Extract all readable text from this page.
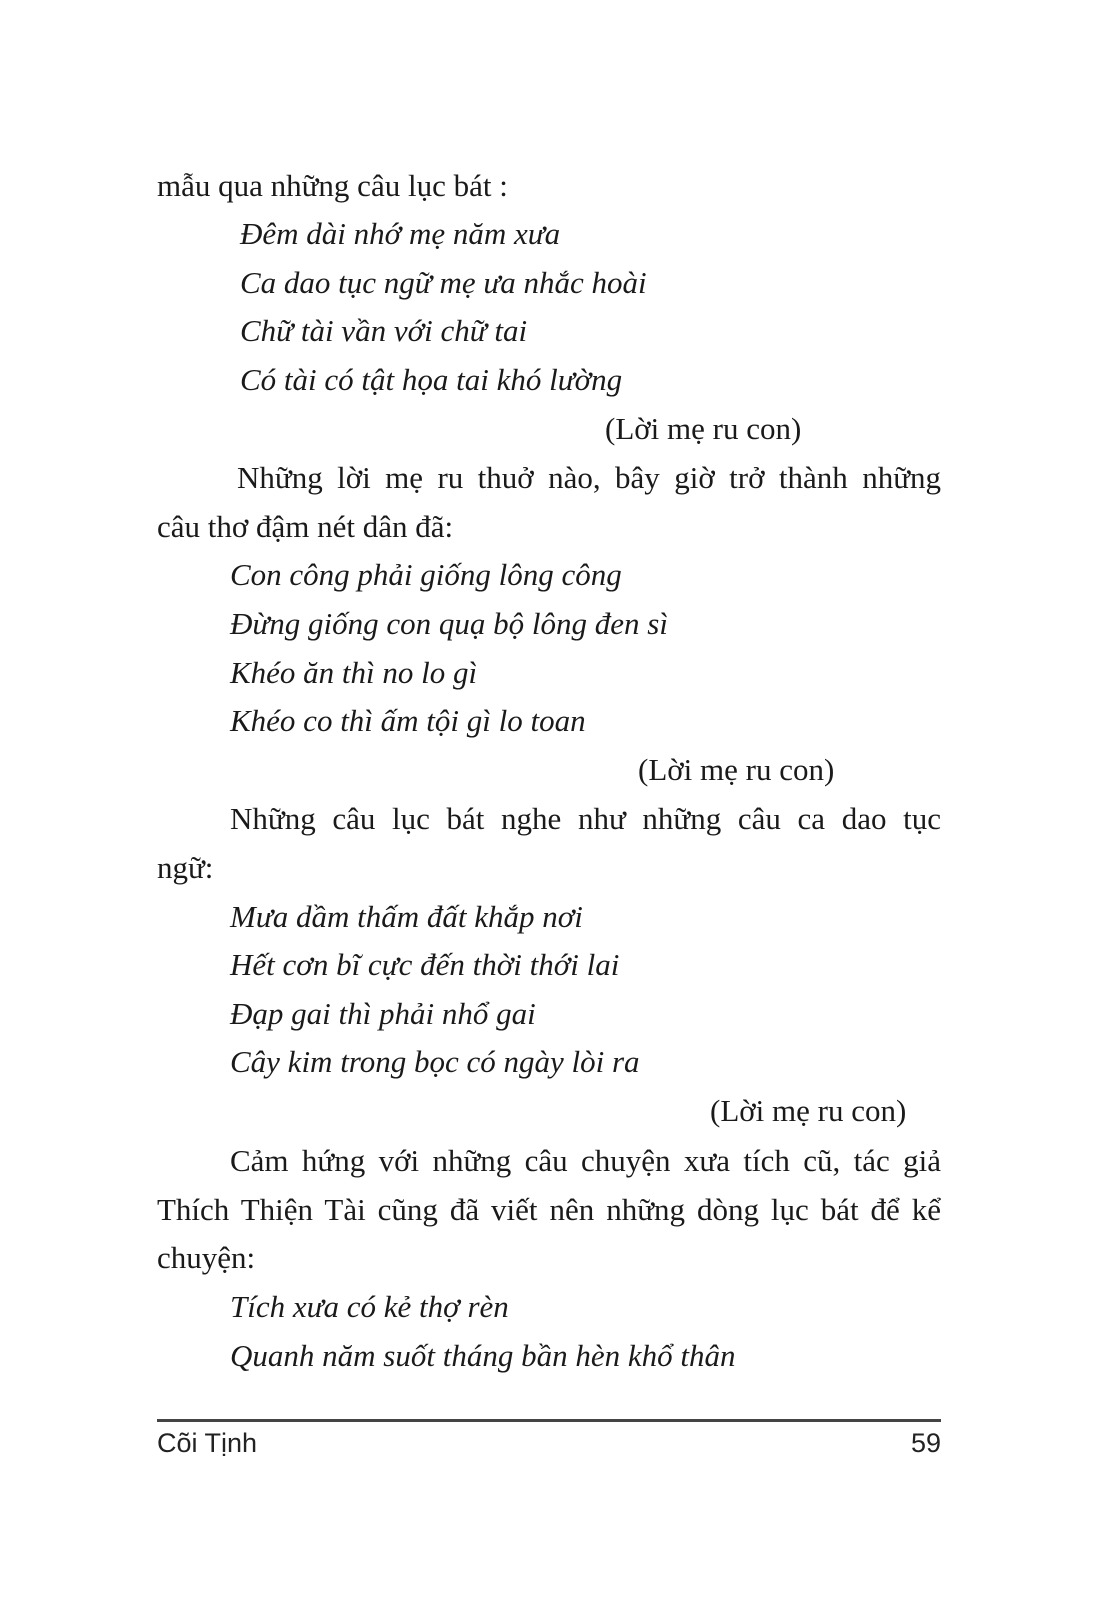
mẫu qua những câu lục bát :
Đêm dài nhớ mẹ năm xưa
Ca dao tục ngữ mẹ ưa nhắc hoài
Chữ tài vần với chữ tai
Có tài có tật họa tai khó lường
(Lời mẹ ru con)
Những lời mẹ ru thuở nào, bây giờ trở thành những
câu thơ đậm nét dân đã:
Con công phải giống lông công
Đừng giống con quạ bộ lông đen sì
Khéo ăn thì no lo gì
Khéo co thì ấm tội gì lo toan
(Lời mẹ ru con)
Những câu lục bát nghe như những câu ca dao tục
ngữ:
Mưa dầm thấm đất khắp nơi
Hết cơn bĩ cực đến thời thới lai
Đạp gai thì phải nhổ gai
Cây kim trong bọc có ngày lòi ra
(Lời mẹ ru con)
Cảm hứng với những câu chuyện xưa tích cũ, tác giả
Thích Thiện Tài cũng đã viết nên những dòng lục bát để kể
chuyện:
Tích xưa có kẻ thợ rèn
Quanh năm suốt tháng bần hèn khổ thân
Cõi Tịnh	59
